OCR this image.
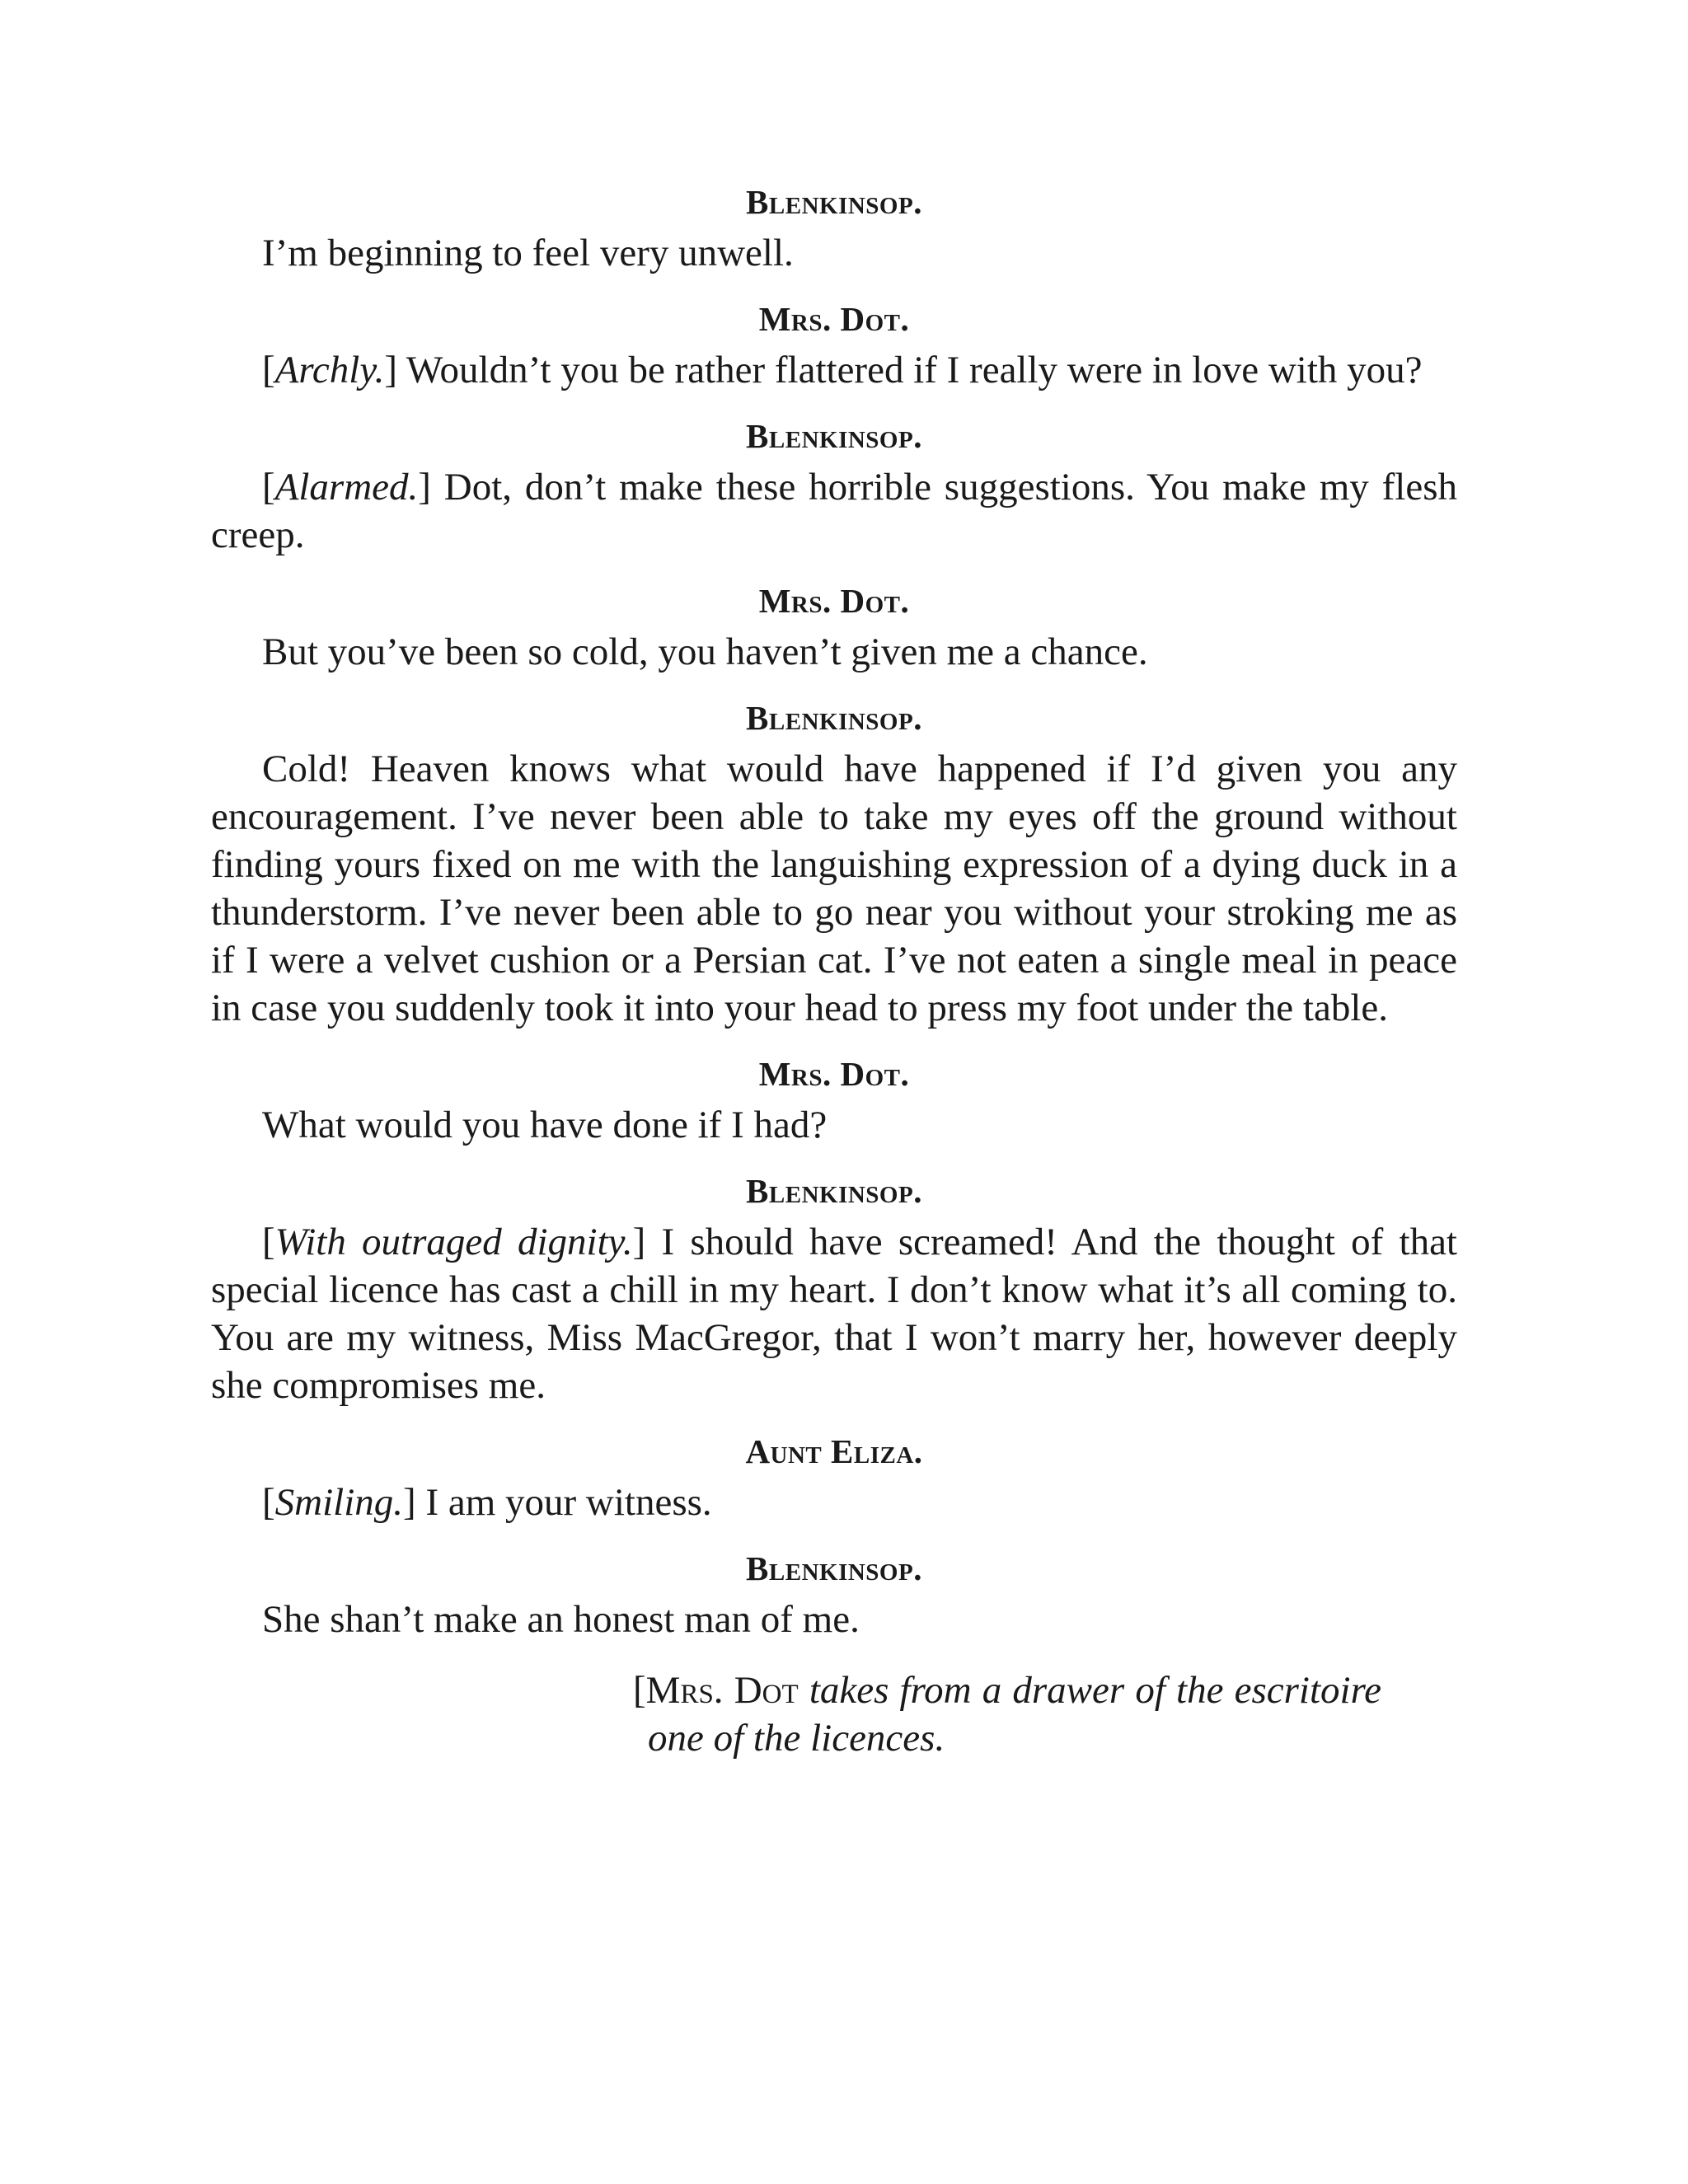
Blenkinsop.

I’m beginning to feel very unwell.

Mrs. Dot.

[Archly.] Wouldn’t you be rather flattered if I really were in love with you?

Blenkinsop.

[Alarmed.] Dot, don’t make these horrible suggestions. You make my flesh creep.

Mrs. Dot.

But you’ve been so cold, you haven’t given me a chance.

Blenkinsop.

Cold! Heaven knows what would have happened if I’d given you any encouragement. I’ve never been able to take my eyes off the ground without finding yours fixed on me with the languishing expression of a dying duck in a thunderstorm. I’ve never been able to go near you without your stroking me as if I were a velvet cushion or a Persian cat. I’ve not eaten a single meal in peace in case you suddenly took it into your head to press my foot under the table.

Mrs. Dot.

What would you have done if I had?

Blenkinsop.

[With outraged dignity.] I should have screamed! And the thought of that special licence has cast a chill in my heart. I don’t know what it’s all coming to. You are my witness, Miss MacGregor, that I won’t marry her, however deeply she compromises me.

Aunt Eliza.

[Smiling.] I am your witness.

Blenkinsop.

She shan’t make an honest man of me.

[Mrs. Dot takes from a drawer of the escritoire one of the licences.
